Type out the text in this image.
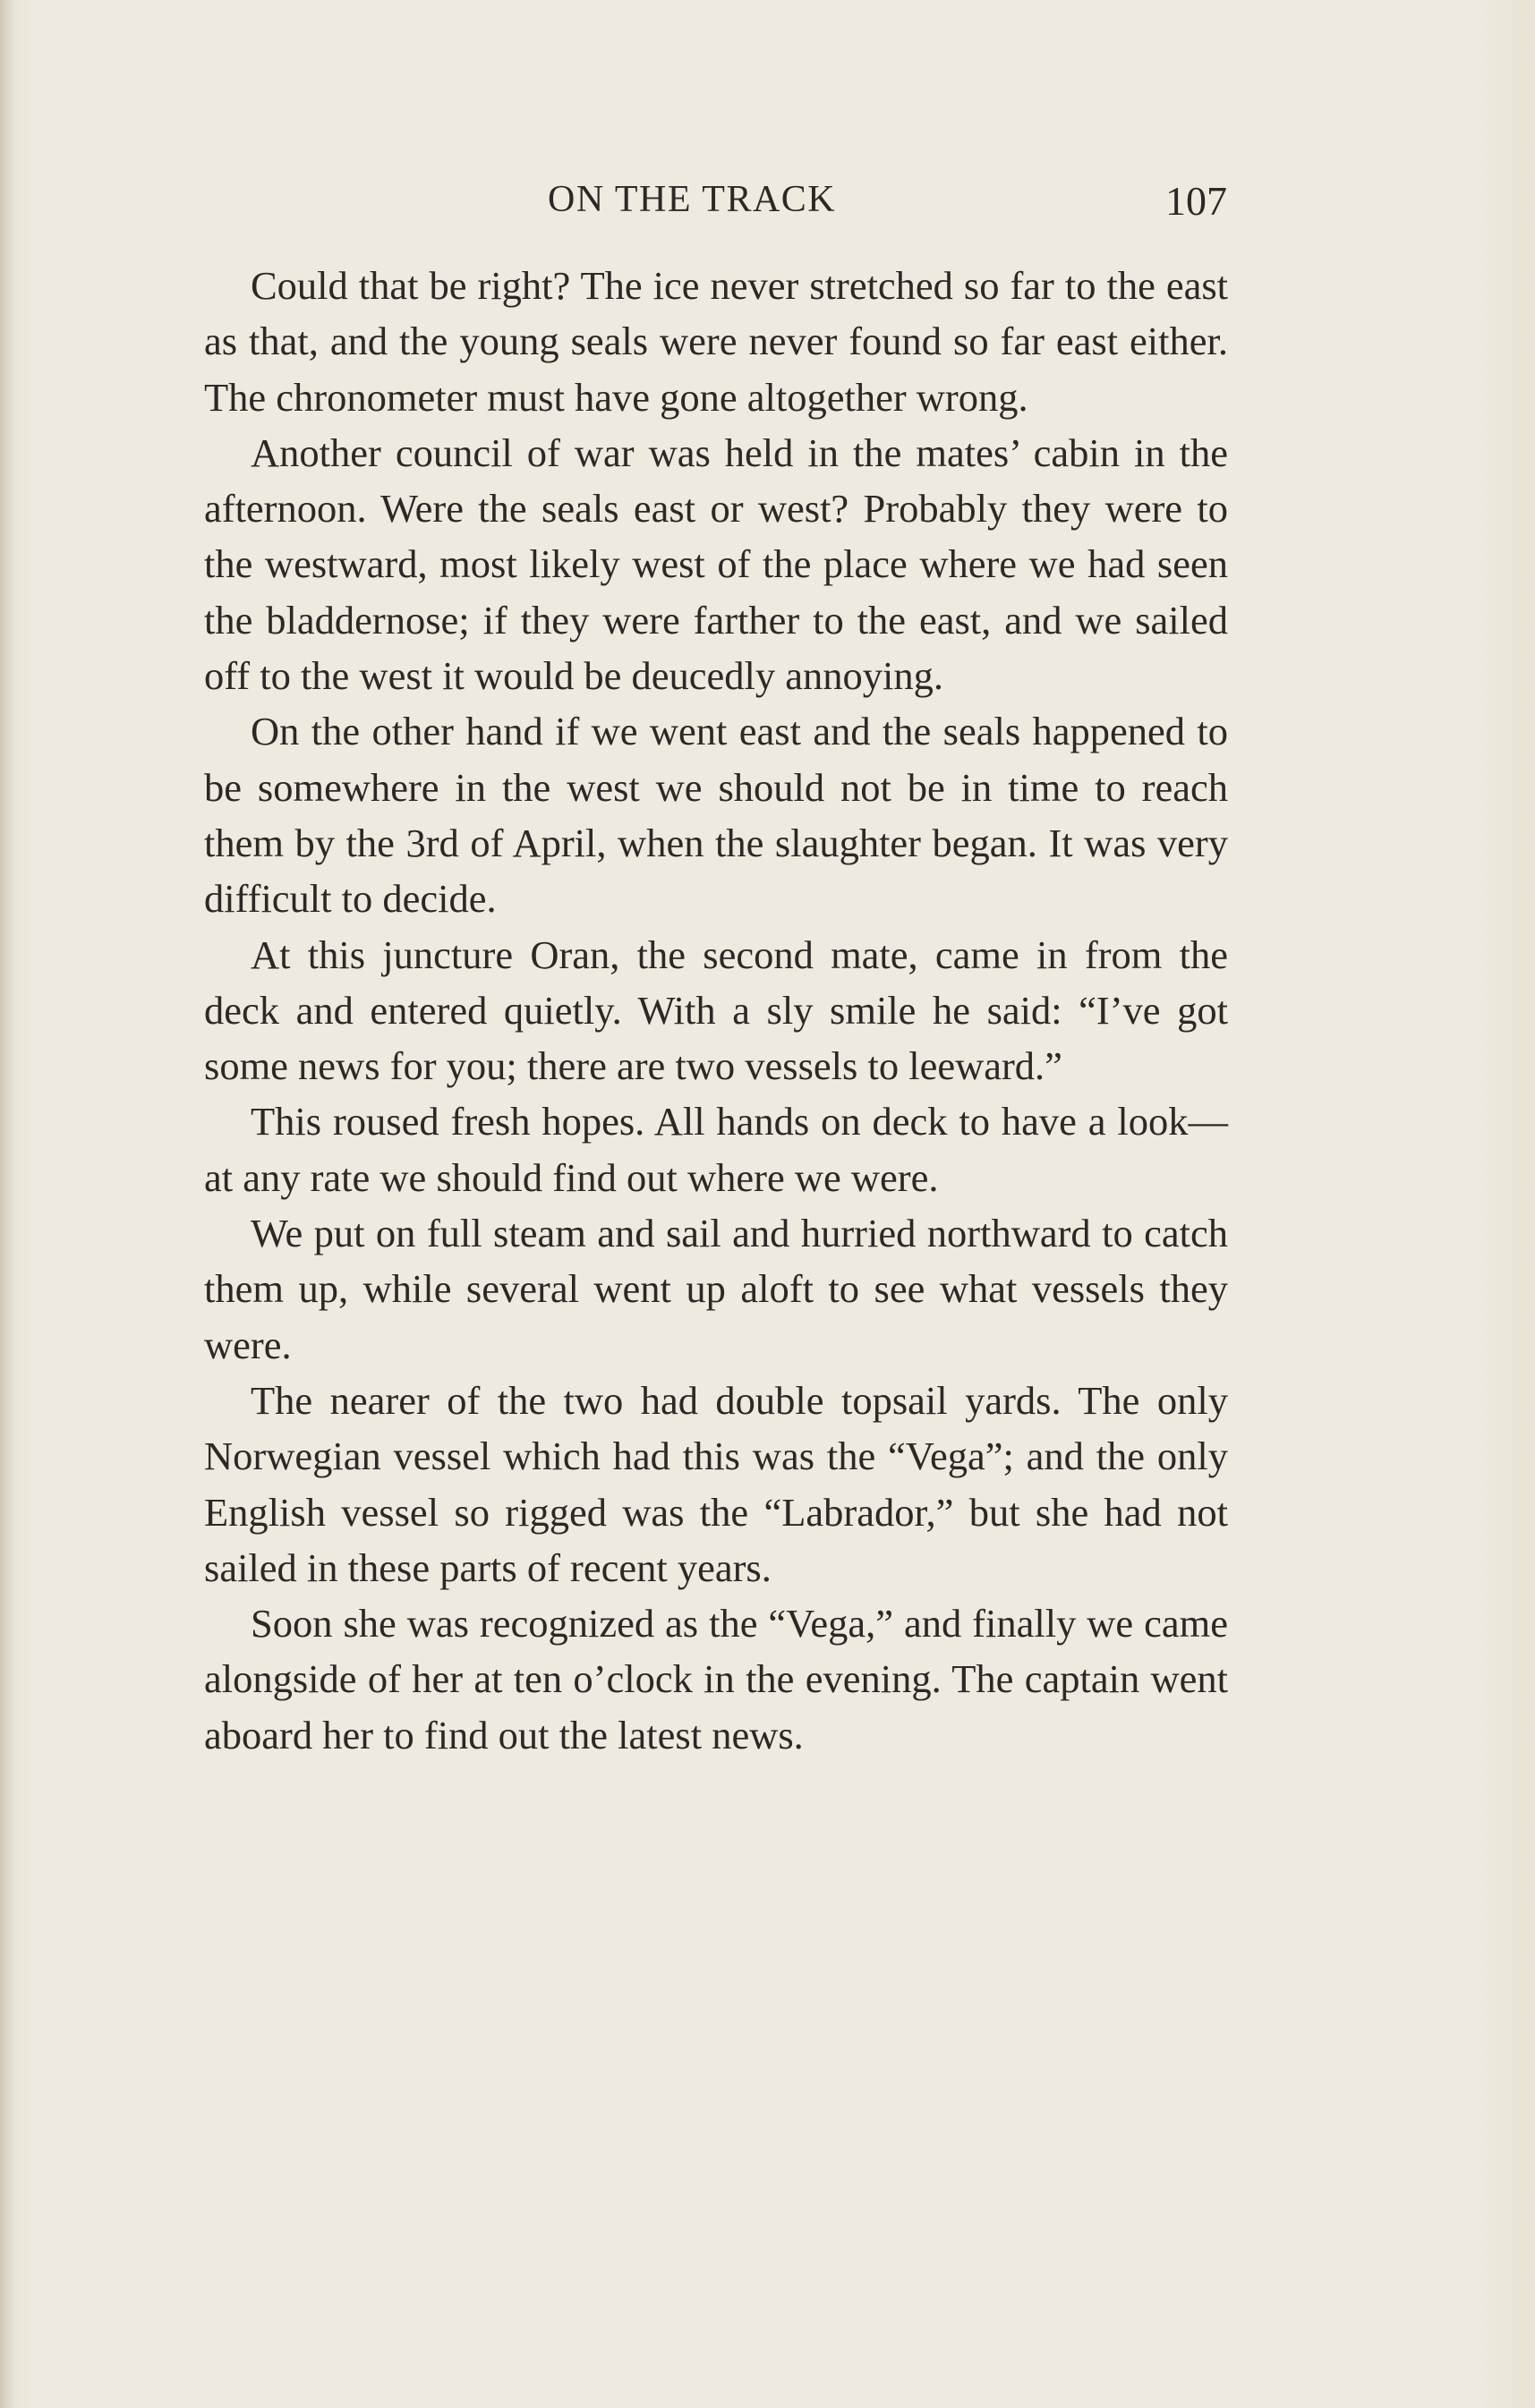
ON THE TRACK	107

Could that be right? The ice never stretched so far to the east as that, and the young seals were never found so far east either. The chronometer must have gone altogether wrong.

Another council of war was held in the mates’ cabin in the afternoon. Were the seals east or west? Probably they were to the westward, most likely west of the place where we had seen the bladdernose; if they were farther to the east, and we sailed off to the west it would be deucedly annoying.

On the other hand if we went east and the seals happened to be somewhere in the west we should not be in time to reach them by the 3rd of April, when the slaughter began. It was very difficult to decide.

At this juncture Oran, the second mate, came in from the deck and entered quietly. With a sly smile he said: “I’ve got some news for you; there are two vessels to leeward.”

This roused fresh hopes. All hands on deck to have a look—at any rate we should find out where we were.

We put on full steam and sail and hurried northward to catch them up, while several went up aloft to see what vessels they were.

The nearer of the two had double topsail yards. The only Norwegian vessel which had this was the “Vega”; and the only English vessel so rigged was the “Labrador,” but she had not sailed in these parts of recent years.

Soon she was recognized as the “Vega,” and finally we came alongside of her at ten o’clock in the evening. The captain went aboard her to find out the latest news.
